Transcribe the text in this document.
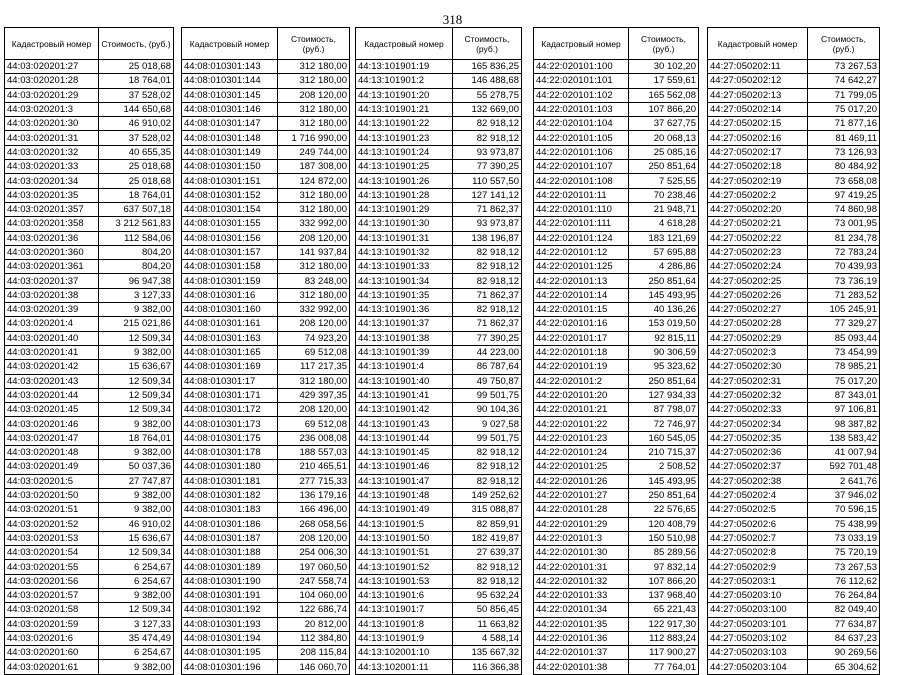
318
Кадастровый номер	Стоимость, (руб.)
44:03:020201:27	25 018,68
44:03:020201:28	18 764,01
44:03:020201:29	37 528,02
44:03:020201:3	144 650,68
44:03:020201:30	46 910,02
44:03:020201:31	37 528,02
44:03:020201:32	40 655,35
44:03:020201:33	25 018,68
44:03:020201:34	25 018,68
44:03:020201:35	18 764,01
44:03:020201:357	637 507,18
44:03:020201:358	3 212 561,83
44:03:020201:36	112 584,06
44:03:020201:360	804,20
44:03:020201:361	804,20
44:03:020201:37	96 947,38
44:03:020201:38	3 127,33
44:03:020201:39	9 382,00
44:03:020201:4	215 021,86
44:03:020201:40	12 509,34
44:03:020201:41	9 382,00
44:03:020201:42	15 636,67
44:03:020201:43	12 509,34
44:03:020201:44	12 509,34
44:03:020201:45	12 509,34
44:03:020201:46	9 382,00
44:03:020201:47	18 764,01
44:03:020201:48	9 382,00
44:03:020201:49	50 037,36
44:03:020201:5	27 747,87
44:03:020201:50	9 382,00
44:03:020201:51	9 382,00
44:03:020201:52	46 910,02
44:03:020201:53	15 636,67
44:03:020201:54	12 509,34
44:03:020201:55	6 254,67
44:03:020201:56	6 254,67
44:03:020201:57	9 382,00
44:03:020201:58	12 509,34
44:03:020201:59	3 127,33
44:03:020201:6	35 474,49
44:03:020201:60	6 254,67
44:03:020201:61	9 382,00
Кадастровый номер	Стоимость, (руб.)
44:08:010301:143	312 180,00
44:08:010301:144	312 180,00
44:08:010301:145	208 120,00
44:08:010301:146	312 180,00
44:08:010301:147	312 180,00
44:08:010301:148	1 716 990,00
44:08:010301:149	249 744,00
44:08:010301:150	187 308,00
44:08:010301:151	124 872,00
44:08:010301:152	312 180,00
44:08:010301:154	312 180,00
44:08:010301:155	332 992,00
44:08:010301:156	208 120,00
44:08:010301:157	141 937,84
44:08:010301:158	312 180,00
44:08:010301:159	83 248,00
44:08:010301:16	312 180,00
44:08:010301:160	332 992,00
44:08:010301:161	208 120,00
44:08:010301:163	74 923,20
44:08:010301:165	69 512,08
44:08:010301:169	117 217,35
44:08:010301:17	312 180,00
44:08:010301:171	429 397,35
44:08:010301:172	208 120,00
44:08:010301:173	69 512,08
44:08:010301:175	236 008,08
44:08:010301:178	188 557,03
44:08:010301:180	210 465,51
44:08:010301:181	277 715,33
44:08:010301:182	136 179,16
44:08:010301:183	166 496,00
44:08:010301:186	268 058,56
44:08:010301:187	208 120,00
44:08:010301:188	254 006,30
44:08:010301:189	197 060,50
44:08:010301:190	247 558,74
44:08:010301:191	104 060,00
44:08:010301:192	122 686,74
44:08:010301:193	20 812,00
44:08:010301:194	112 384,80
44:08:010301:195	208 115,84
44:08:010301:196	146 060,70
Кадастровый номер	Стоимость, (руб.)
44:13:101901:19	165 836,25
44:13:101901:2	146 488,68
44:13:101901:20	55 278,75
44:13:101901:21	132 669,00
44:13:101901:22	82 918,12
44:13:101901:23	82 918,12
44:13:101901:24	93 973,87
44:13:101901:25	77 390,25
44:13:101901:26	110 557,50
44:13:101901:28	127 141,12
44:13:101901:29	71 862,37
44:13:101901:30	93 973,87
44:13:101901:31	138 196,87
44:13:101901:32	82 918,12
44:13:101901:33	82 918,12
44:13:101901:34	82 918,12
44:13:101901:35	71 862,37
44:13:101901:36	82 918,12
44:13:101901:37	71 862,37
44:13:101901:38	77 390,25
44:13:101901:39	44 223,00
44:13:101901:4	86 787,64
44:13:101901:40	49 750,87
44:13:101901:41	99 501,75
44:13:101901:42	90 104,36
44:13:101901:43	9 027,58
44:13:101901:44	99 501,75
44:13:101901:45	82 918,12
44:13:101901:46	82 918,12
44:13:101901:47	82 918,12
44:13:101901:48	149 252,62
44:13:101901:49	315 088,87
44:13:101901:5	82 859,91
44:13:101901:50	182 419,87
44:13:101901:51	27 639,37
44:13:101901:52	82 918,12
44:13:101901:53	82 918,12
44:13:101901:6	95 632,24
44:13:101901:7	50 856,45
44:13:101901:8	11 663,82
44:13:101901:9	4 588,14
44:13:102001:10	135 667,32
44:13:102001:11	116 366,38
Кадастровый номер	Стоимость, (руб.)
44:22:020101:100	30 102,20
44:22:020101:101	17 559,61
44:22:020101:102	165 562,08
44:22:020101:103	107 866,20
44:22:020101:104	37 627,75
44:22:020101:105	20 068,13
44:22:020101:106	25 085,16
44:22:020101:107	250 851,64
44:22:020101:108	7 525,55
44:22:020101:11	70 238,46
44:22:020101:110	21 948,71
44:22:020101:111	4 618,28
44:22:020101:124	183 121,69
44:22:020101:12	57 695,88
44:22:020101:125	4 286,86
44:22:020101:13	250 851,64
44:22:020101:14	145 493,95
44:22:020101:15	40 136,26
44:22:020101:16	153 019,50
44:22:020101:17	92 815,11
44:22:020101:18	90 306,59
44:22:020101:19	95 323,62
44:22:020101:2	250 851,64
44:22:020101:20	127 934,33
44:22:020101:21	87 798,07
44:22:020101:22	72 746,97
44:22:020101:23	160 545,05
44:22:020101:24	210 715,37
44:22:020101:25	2 508,52
44:22:020101:26	145 493,95
44:22:020101:27	250 851,64
44:22:020101:28	22 576,65
44:22:020101:29	120 408,79
44:22:020101:3	150 510,98
44:22:020101:30	85 289,56
44:22:020101:31	97 832,14
44:22:020101:32	107 866,20
44:22:020101:33	137 968,40
44:22:020101:34	65 221,43
44:22:020101:35	122 917,30
44:22:020101:36	112 883,24
44:22:020101:37	117 900,27
44:22:020101:38	77 764,01
Кадастровый номер	Стоимость, (руб.)
44:27:050202:11	73 267,53
44:27:050202:12	74 642,27
44:27:050202:13	71 799,05
44:27:050202:14	75 017,20
44:27:050202:15	71 877,16
44:27:050202:16	81 469,11
44:27:050202:17	73 126,93
44:27:050202:18	80 484,92
44:27:050202:19	73 658,08
44:27:050202:2	97 419,25
44:27:050202:20	74 860,98
44:27:050202:21	73 001,95
44:27:050202:22	81 234,78
44:27:050202:23	72 783,24
44:27:050202:24	70 439,93
44:27:050202:25	73 736,19
44:27:050202:26	71 283,52
44:27:050202:27	105 245,91
44:27:050202:28	77 329,27
44:27:050202:29	85 093,44
44:27:050202:3	73 454,99
44:27:050202:30	78 985,21
44:27:050202:31	75 017,20
44:27:050202:32	87 343,01
44:27:050202:33	97 106,81
44:27:050202:34	98 387,82
44:27:050202:35	138 583,42
44:27:050202:36	41 007,94
44:27:050202:37	592 701,48
44:27:050202:38	2 641,76
44:27:050202:4	37 946,02
44:27:050202:5	70 596,15
44:27:050202:6	75 438,99
44:27:050202:7	73 033,19
44:27:050202:8	75 720,19
44:27:050202:9	73 267,53
44:27:050203:1	76 112,62
44:27:050203:10	76 264,84
44:27:050203:100	82 049,40
44:27:050203:101	77 634,87
44:27:050203:102	84 637,23
44:27:050203:103	90 269,56
44:27:050203:104	65 304,62
